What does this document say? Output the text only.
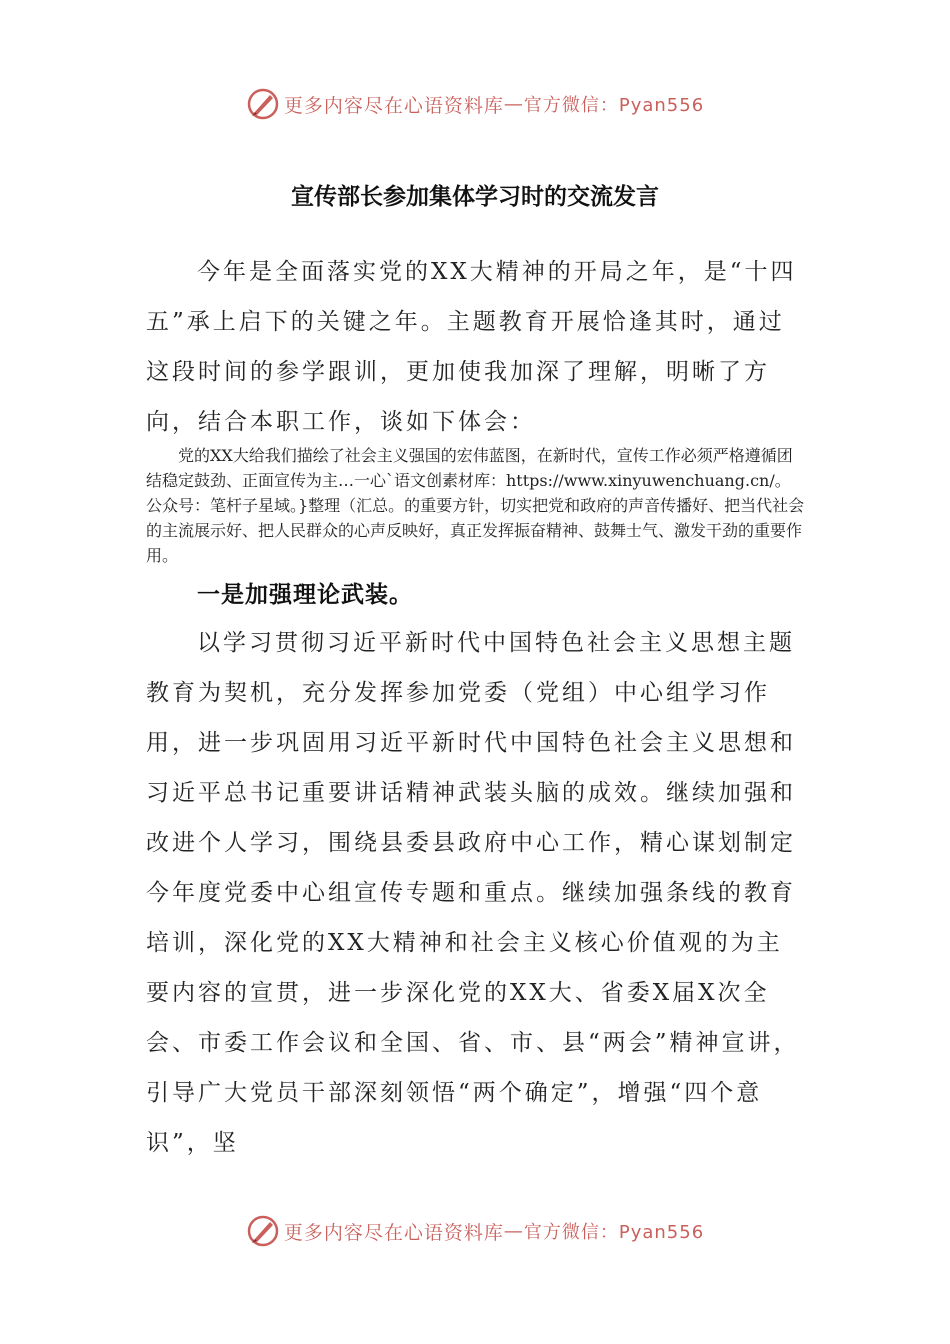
更多内容尽在心语资料库 — 官方微信：Pyan556
宣传部长参加集体学习时的交流发言

今年是全面落实党的XX大精神的开局之年，是“十四五”承上启下的关键之年。主题教育开展恰逢其时，通过这段时间的参学跟训，更加使我加深了理解，明晰了方向，结合本职工作，谈如下体会：

党的XX大给我们描绘了社会主义强国的宏伟蓝图，在新时代，宣传工作必须严格遵循团结稳定鼓劲、正面宣传为主…一心`语文创素材库：https://www.xinyuwenchuang.cn/。公众号：笔杆子星域。}整理（汇总。的重要方针，切实把党和政府的声音传播好、把当代社会的主流展示好、把人民群众的心声反映好，真正发挥振奋精神、鼓舞士气、激发干劲的重要作用。

一是加强理论武装。

以学习贯彻习近平新时代中国特色社会主义思想主题教育为契机，充分发挥参加党委（党组）中心组学习作用，进一步巩固用习近平新时代中国特色社会主义思想和习近平总书记重要讲话精神武装头脑的成效。继续加强和改进个人学习，围绕县委县政府中心工作，精心谋划制定今年度党委中心组宣传专题和重点。继续加强条线的教育培训，深化党的XX大精神和社会主义核心价值观的为主要内容的宣贯，进一步深化党的XX大、省委X届X次全会、市委工作会议和全国、省、市、县“两会”精神宣讲，引导广大党员干部深刻领悟“两个确定”，增强“四个意识”，坚

更多内容尽在心语资料库 — 官方微信：Pyan556
